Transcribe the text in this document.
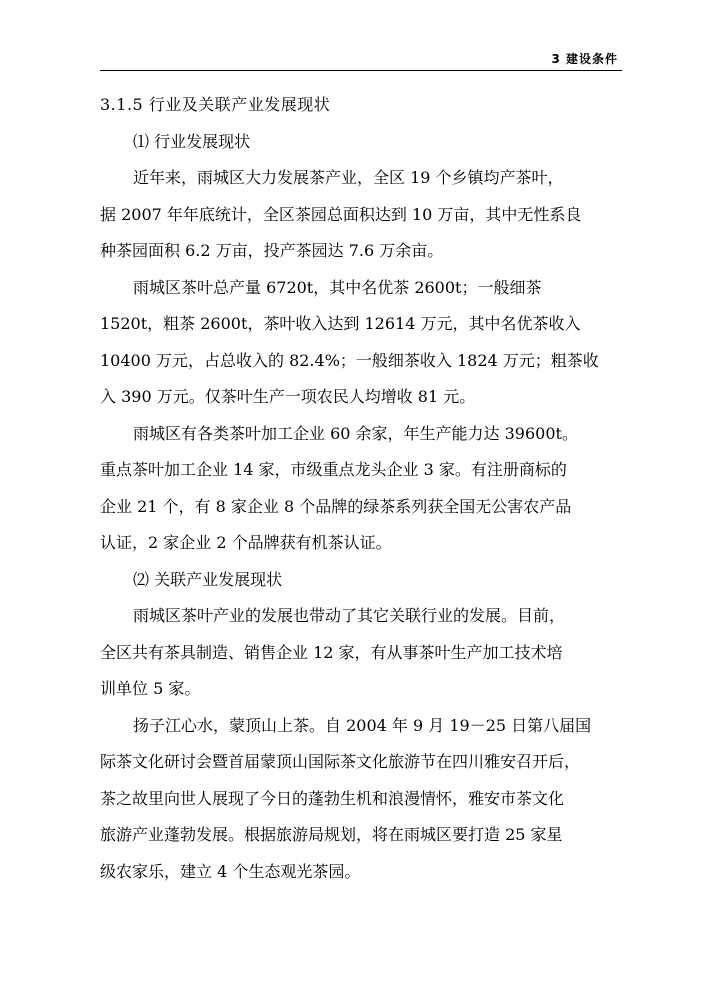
3 建设条件
3.1.5 行业及关联产业发展现状
⑴ 行业发展现状
近年来，雨城区大力发展茶产业，全区 19 个乡镇均产茶叶，
据 2007 年年底统计，全区茶园总面积达到 10 万亩，其中无性系良
种茶园面积 6.2 万亩，投产茶园达 7.6 万余亩。
雨城区茶叶总产量 6720t，其中名优茶 2600t；一般细茶
1520t，粗茶 2600t，茶叶收入达到 12614 万元，其中名优茶收入
10400 万元，占总收入的 82.4%；一般细茶收入 1824 万元；粗茶收
入 390 万元。仅茶叶生产一项农民人均增收 81 元。
雨城区有各类茶叶加工企业 60 余家，年生产能力达 39600t。
重点茶叶加工企业 14 家，市级重点龙头企业 3 家。有注册商标的
企业 21 个，有 8 家企业 8 个品牌的绿茶系列获全国无公害农产品
认证，2 家企业 2 个品牌获有机茶认证。
⑵ 关联产业发展现状
雨城区茶叶产业的发展也带动了其它关联行业的发展。目前，
全区共有茶具制造、销售企业 12 家，有从事茶叶生产加工技术培
训单位 5 家。
扬子江心水，蒙顶山上茶。自 2004 年 9 月 19－25 日第八届国
际茶文化研讨会暨首届蒙顶山国际茶文化旅游节在四川雅安召开后，
茶之故里向世人展现了今日的蓬勃生机和浪漫情怀，雅安市茶文化
旅游产业蓬勃发展。根据旅游局规划，将在雨城区要打造 25 家星
级农家乐，建立 4 个生态观光茶园。
